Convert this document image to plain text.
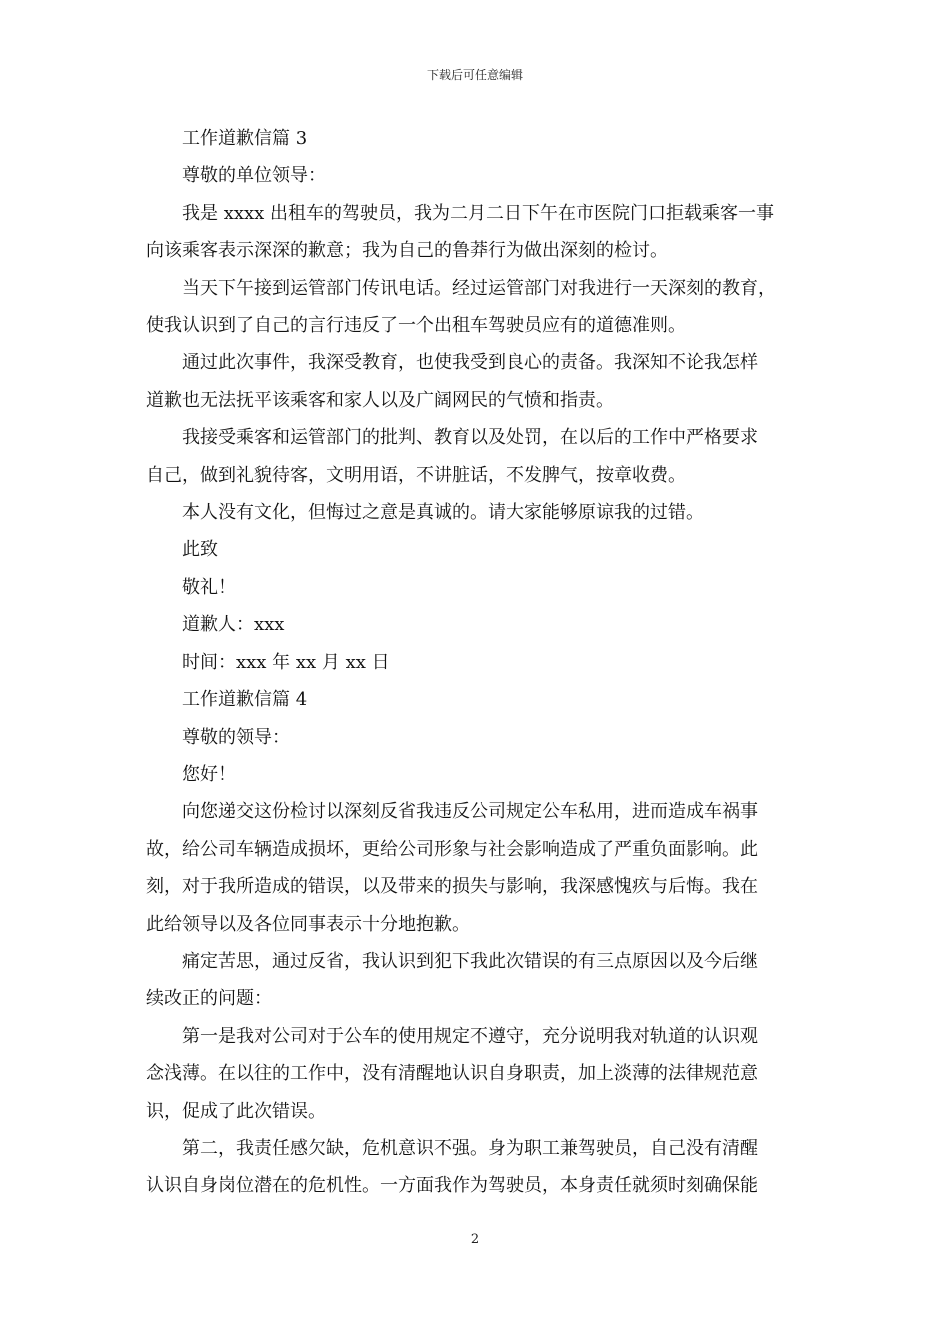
下载后可任意编辑

工作道歉信篇 3

尊敬的单位领导：

我是 xxxx 出租车的驾驶员，我为二月二日下午在市医院门口拒载乘客一事
向该乘客表示深深的歉意；我为自己的鲁莽行为做出深刻的检讨。

当天下午接到运管部门传讯电话。经过运管部门对我进行一天深刻的教育，
使我认识到了自己的言行违反了一个出租车驾驶员应有的道德准则。

通过此次事件，我深受教育，也使我受到良心的责备。我深知不论我怎样
道歉也无法抚平该乘客和家人以及广阔网民的气愤和指责。

我接受乘客和运管部门的批判、教育以及处罚，在以后的工作中严格要求
自己，做到礼貌待客，文明用语，不讲脏话，不发脾气，按章收费。

本人没有文化，但悔过之意是真诚的。请大家能够原谅我的过错。

此致

敬礼！

道歉人：xxx

时间：xxx 年 xx 月 xx 日

工作道歉信篇 4

尊敬的领导：

您好！

向您递交这份检讨以深刻反省我违反公司规定公车私用，进而造成车祸事
故，给公司车辆造成损坏，更给公司形象与社会影响造成了严重负面影响。此
刻，对于我所造成的错误，以及带来的损失与影响，我深感愧疚与后悔。我在
此给领导以及各位同事表示十分地抱歉。

痛定苦思，通过反省，我认识到犯下我此次错误的有三点原因以及今后继
续改正的问题：

第一是我对公司对于公车的使用规定不遵守，充分说明我对轨道的认识观
念浅薄。在以往的工作中，没有清醒地认识自身职责，加上淡薄的法律规范意
识，促成了此次错误。

第二，我责任感欠缺，危机意识不强。身为职工兼驾驶员，自己没有清醒
认识自身岗位潜在的危机性。一方面我作为驾驶员，本身责任就须时刻确保能

2
